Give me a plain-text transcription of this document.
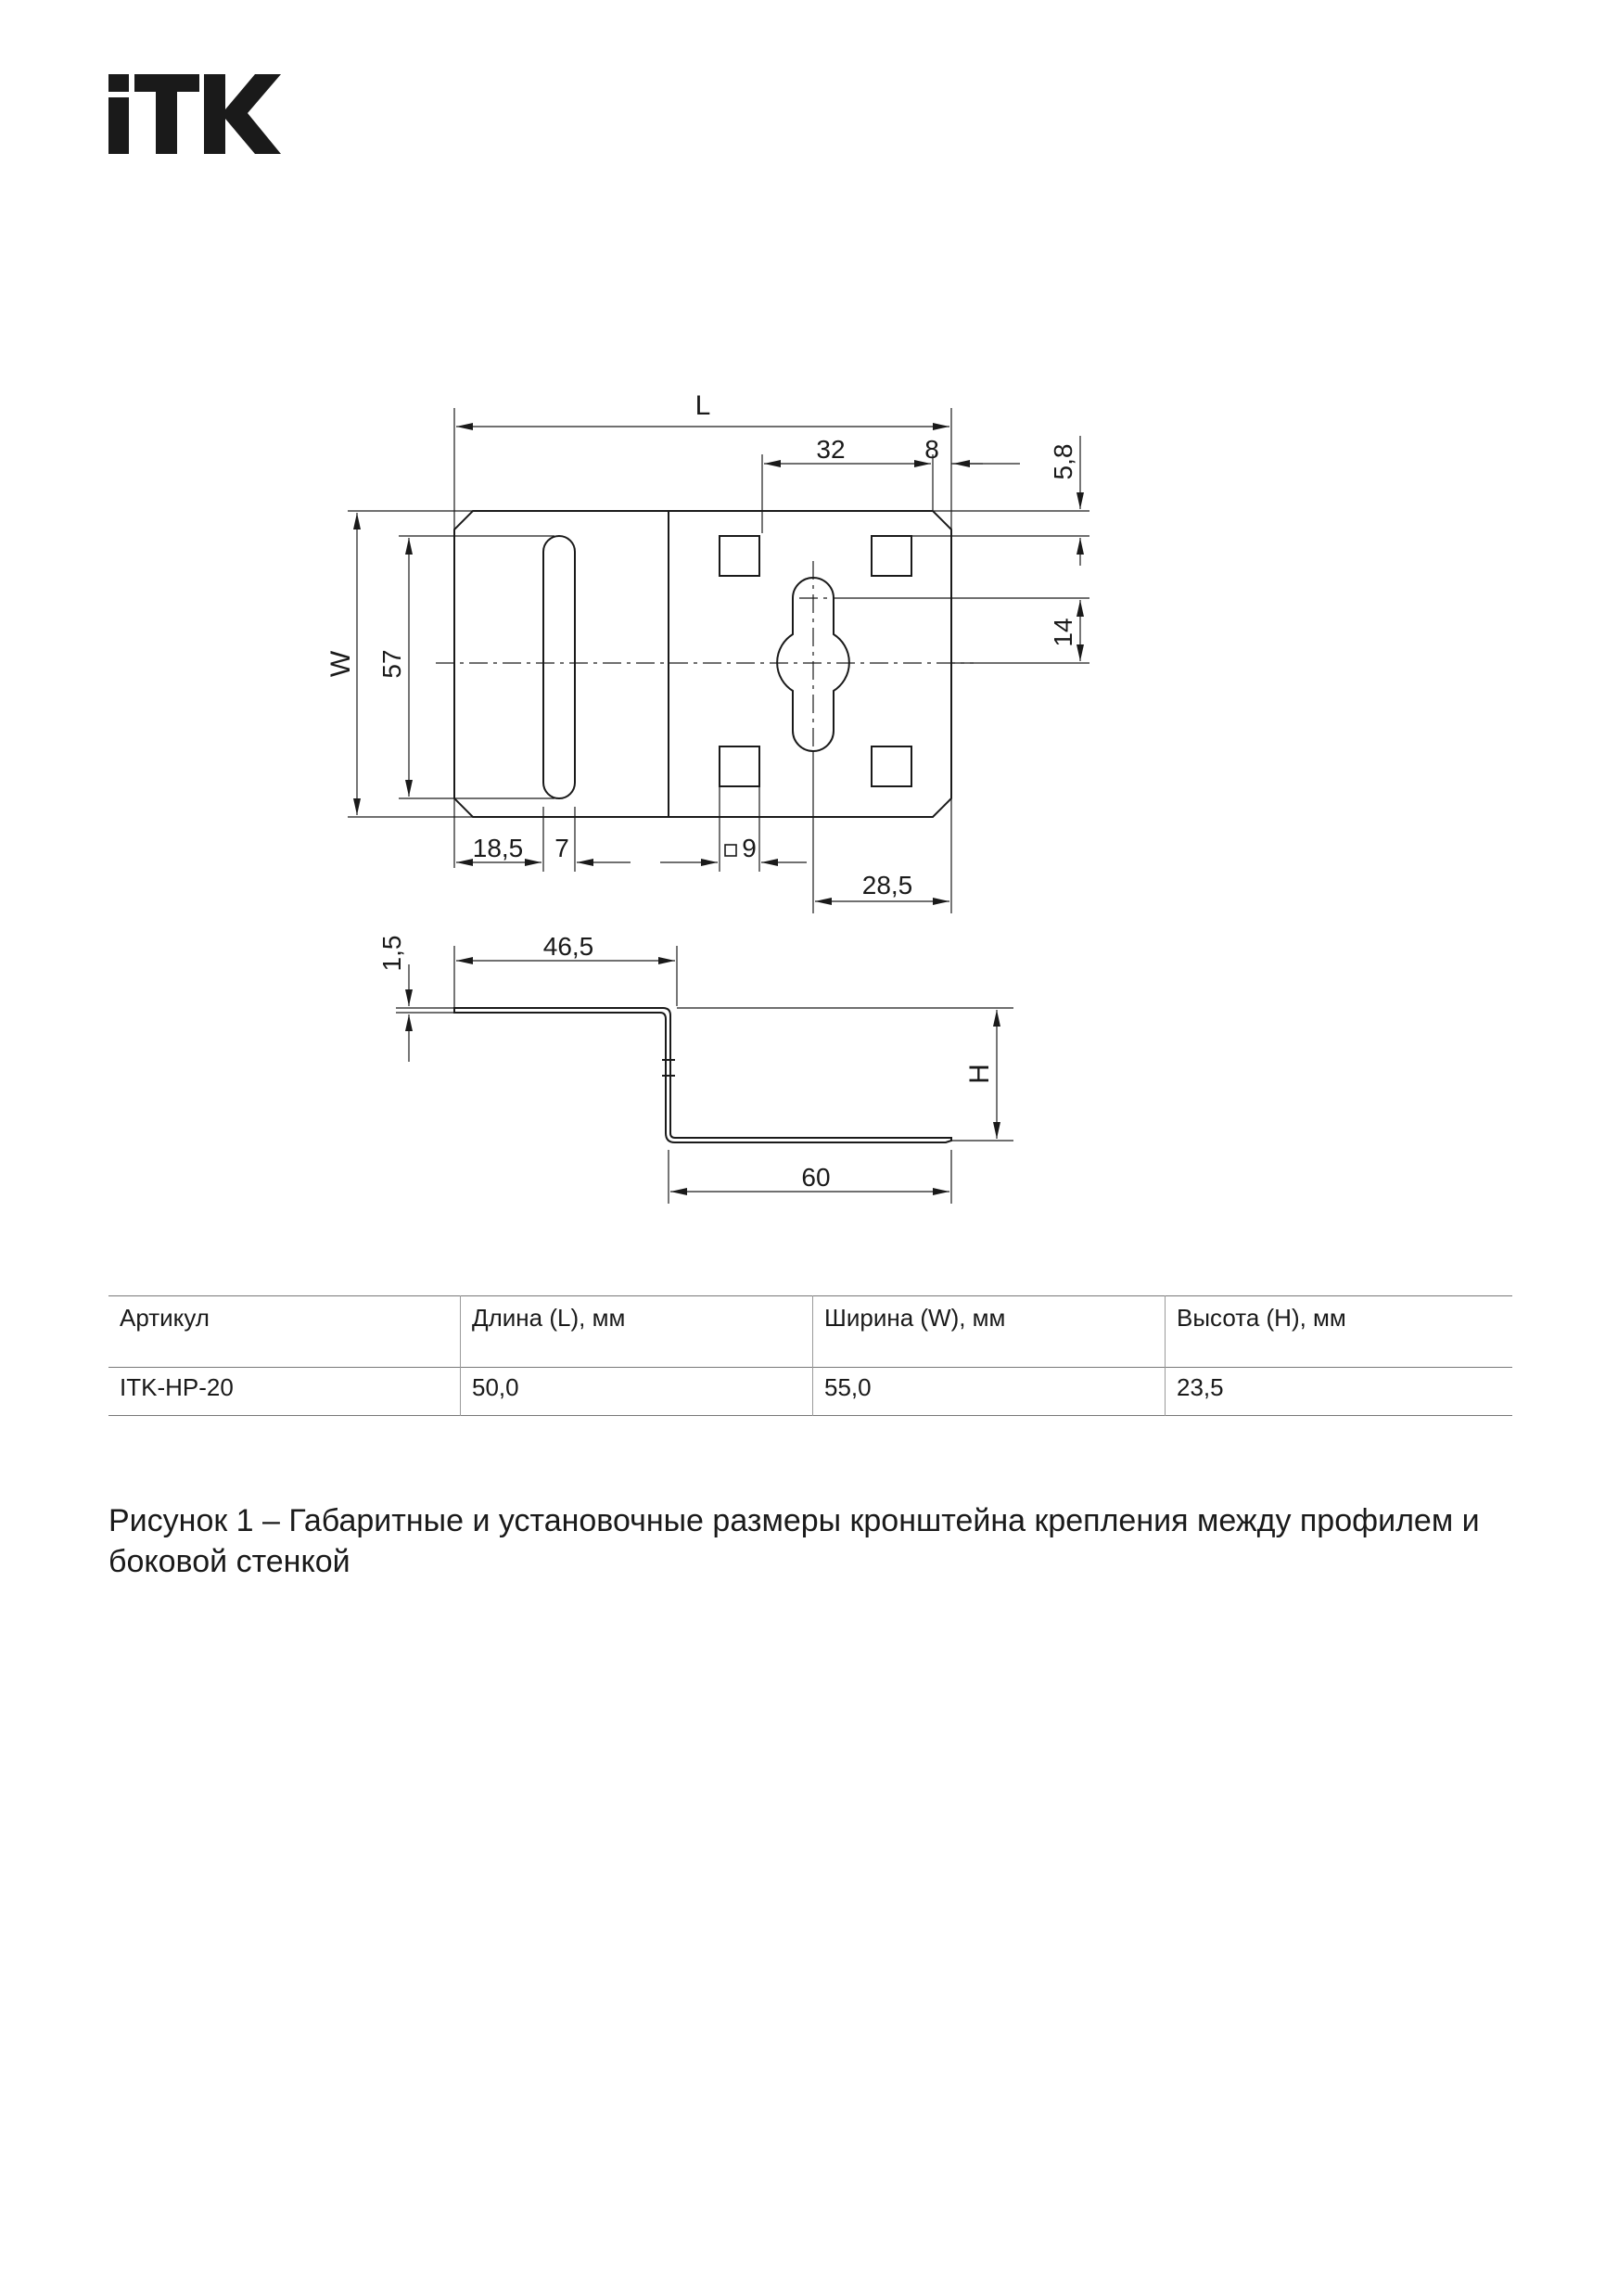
L
W 57
32	8	5,8
14
18,5 7	9
28,5
1,5	46,5
H
60
Артикул	Длина (L), мм	Ширина (W), мм	Высота (H), мм
ITK-HP-20	50,0	55,0	23,5

Рисунок 1 – Габаритные и установочные размеры кронштейна крепления между профилем и боковой стенкой
